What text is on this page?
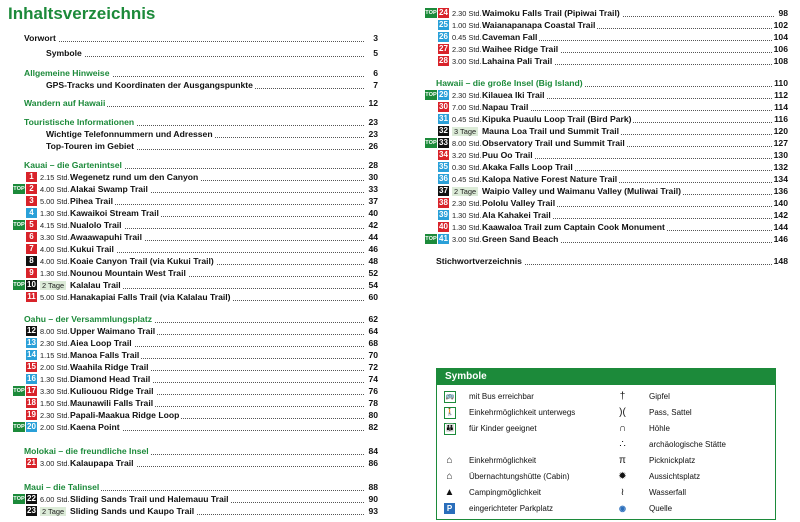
Inhaltsverzeichnis
Vorwort	3
Symbole	5
Allgemeine Hinweise	6
GPS-Tracks und Koordinaten der Ausgangspunkte	7
Wandern auf Hawaii	12
Touristische Informationen	23
Wichtige Telefonnummern und Adressen	23
Top-Touren im Gebiet	26
Kauai – die Gartenintsel	28
1 2.15 Std. Wegenetz rund um den Canyon	30
TOP 2 4.00 Std. Alakai Swamp Trail	33
3 5.00 Std. Pihea Trail	37
4 1.30 Std. Kawaikoi Stream Trail	40
TOP 5 4.15 Std. Nualolo Trail	42
6 3.30 Std. Awaawapuhi Trail	44
7 4.00 Std. Kukui Trail	46
8 4.00 Std. Koaie Canyon Trail (via Kukui Trail)	48
9 1.30 Std. Nounou Mountain West Trail	52
TOP 10 2 Tage Kalalau Trail	54
11 5.00 Std. Hanakapiai Falls Trail (via Kalalau Trail)	60
Oahu – der Versammlungsplatz	62
12 8.00 Std. Upper Waimano Trail	64
13 2.30 Std. Aiea Loop Trail	68
14 1.15 Std. Manoa Falls Trail	70
15 2.00 Std. Waahila Ridge Trail	72
16 1.30 Std. Diamond Head Trail	74
TOP 17 3.30 Std. Kuliouou Ridge Trail	76
18 1.50 Std. Maunawili Falls Trail	78
19 2.30 Std. Papali-Maakua Ridge Loop	80
TOP 20 2.00 Std. Kaena Point	82
Molokai – die freundliche Insel	84
21 3.00 Std. Kalaupapa Trail	86
Maui – die Talinsel	88
TOP 22 6.00 Std. Sliding Sands Trail und Halemauu Trail	90
23 2 Tage Sliding Sands und Kaupo Trail	93
TOP 24 2.30 Std. Waimoku Falls Trail (Pipiwai Trail)	98
25 1.00 Std. Waianapanapa Coastal Trail	102
26 0.45 Std. Caveman Fall	104
27 2.30 Std. Waihee Ridge Trail	106
28 3.00 Std. Lahaina Pali Trail	108
Hawaii – die große Insel (Big Island)	110
TOP 29 2.30 Std. Kilauea Iki Trail	112
30 7.00 Std. Napau Trail	114
31 0.45 Std. Kipuka Puaulu Loop Trail (Bird Park)	116
32 3 Tage Mauna Loa Trail und Summit Trail	120
TOP 33 8.00 Std. Observatory Trail und Summit Trail	127
34 3.20 Std. Puu Oo Trail	130
35 0.30 Std. Akaka Falls Loop Trail	132
36 0.45 Std. Kalopa Native Forest Nature Trail	134
37 2 Tage Waipio Valley und Waimanu Valley (Muliwai Trail)	136
38 2.30 Std. Pololu Valley Trail	140
39 1.30 Std. Ala Kahakei Trail	142
40 1.30 Std. Kaawaloa Trail zum Captain Cook Monument	144
TOP 41 3.00 Std. Green Sand Beach	146
Stichwortverzeichnis	148
Symbole
🚌 mit Bus erreichbar
🚶 Einkehrmöglichkeit unterwegs
👪 für Kinder geeignet
⌂	Einkehrmöglichkeit
⌂	Übernachtungshütte (Cabin)
▲ Campingmöglichkeit
P	eingerichteter Parkplatz
†	Gipfel
)(	Pass, Sattel
∩	Höhle
∴	archäologische Stätte
π	Picknickplatz
✹	Aussichtsplatz
≀	Wasserfall
◉	Quelle
